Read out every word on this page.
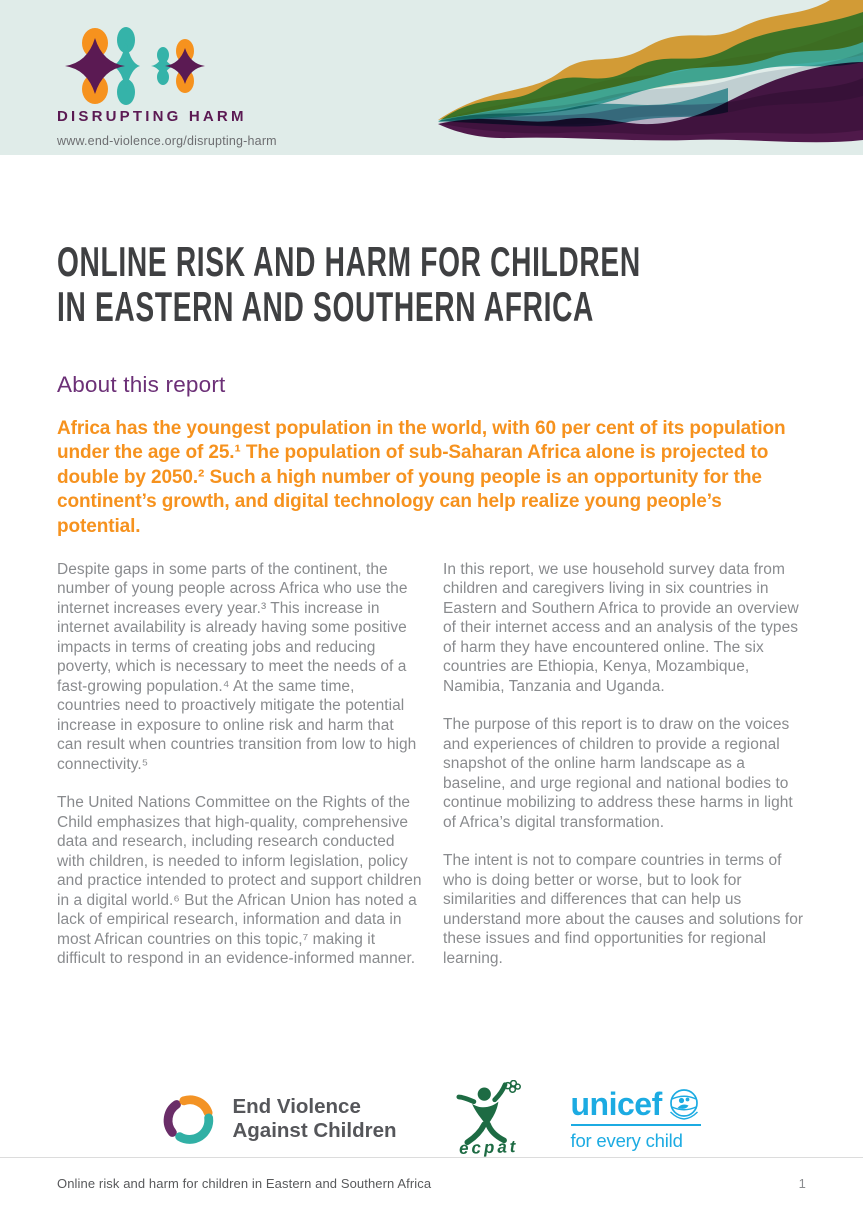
DISRUPTING HARM
www.end-violence.org/disrupting-harm
ONLINE RISK AND HARM FOR CHILDREN
IN EASTERN AND SOUTHERN AFRICA
About this report

Africa has the youngest population in the world, with 60 per cent of its population under the age of 25.¹ The population of sub-Saharan Africa alone is projected to double by 2050.² Such a high number of young people is an opportunity for the continent’s growth, and digital technology can help realize young people’s potential.

Despite gaps in some parts of the continent, the number of young people across Africa who use the internet increases every year.³ This increase in internet availability is already having some positive impacts in terms of creating jobs and reducing poverty, which is necessary to meet the needs of a fast-growing population.⁴ At the same time, countries need to proactively mitigate the potential increase in exposure to online risk and harm that can result when countries transition from low to high connectivity.⁵

The United Nations Committee on the Rights of the Child emphasizes that high-quality, comprehensive data and research, including research conducted with children, is needed to inform legislation, policy and practice intended to protect and support children in a digital world.⁶ But the African Union has noted a lack of empirical research, information and data in most African countries on this topic,⁷ making it difficult to respond in an evidence-informed manner.

In this report, we use household survey data from children and caregivers living in six countries in Eastern and Southern Africa to provide an overview of their internet access and an analysis of the types of harm they have encountered online. The six countries are Ethiopia, Kenya, Mozambique, Namibia, Tanzania and Uganda.

The purpose of this report is to draw on the voices and experiences of children to provide a regional snapshot of the online harm landscape as a baseline, and urge regional and national bodies to continue mobilizing to address these harms in light of Africa’s digital transformation.

The intent is not to compare countries in terms of who is doing better or worse, but to look for similarities and differences that can help us understand more about the causes and solutions for these issues and find opportunities for regional learning.

End Violence
Against Children
ecpat
unicef
for every child
Online risk and harm for children in Eastern and Southern Africa	1
